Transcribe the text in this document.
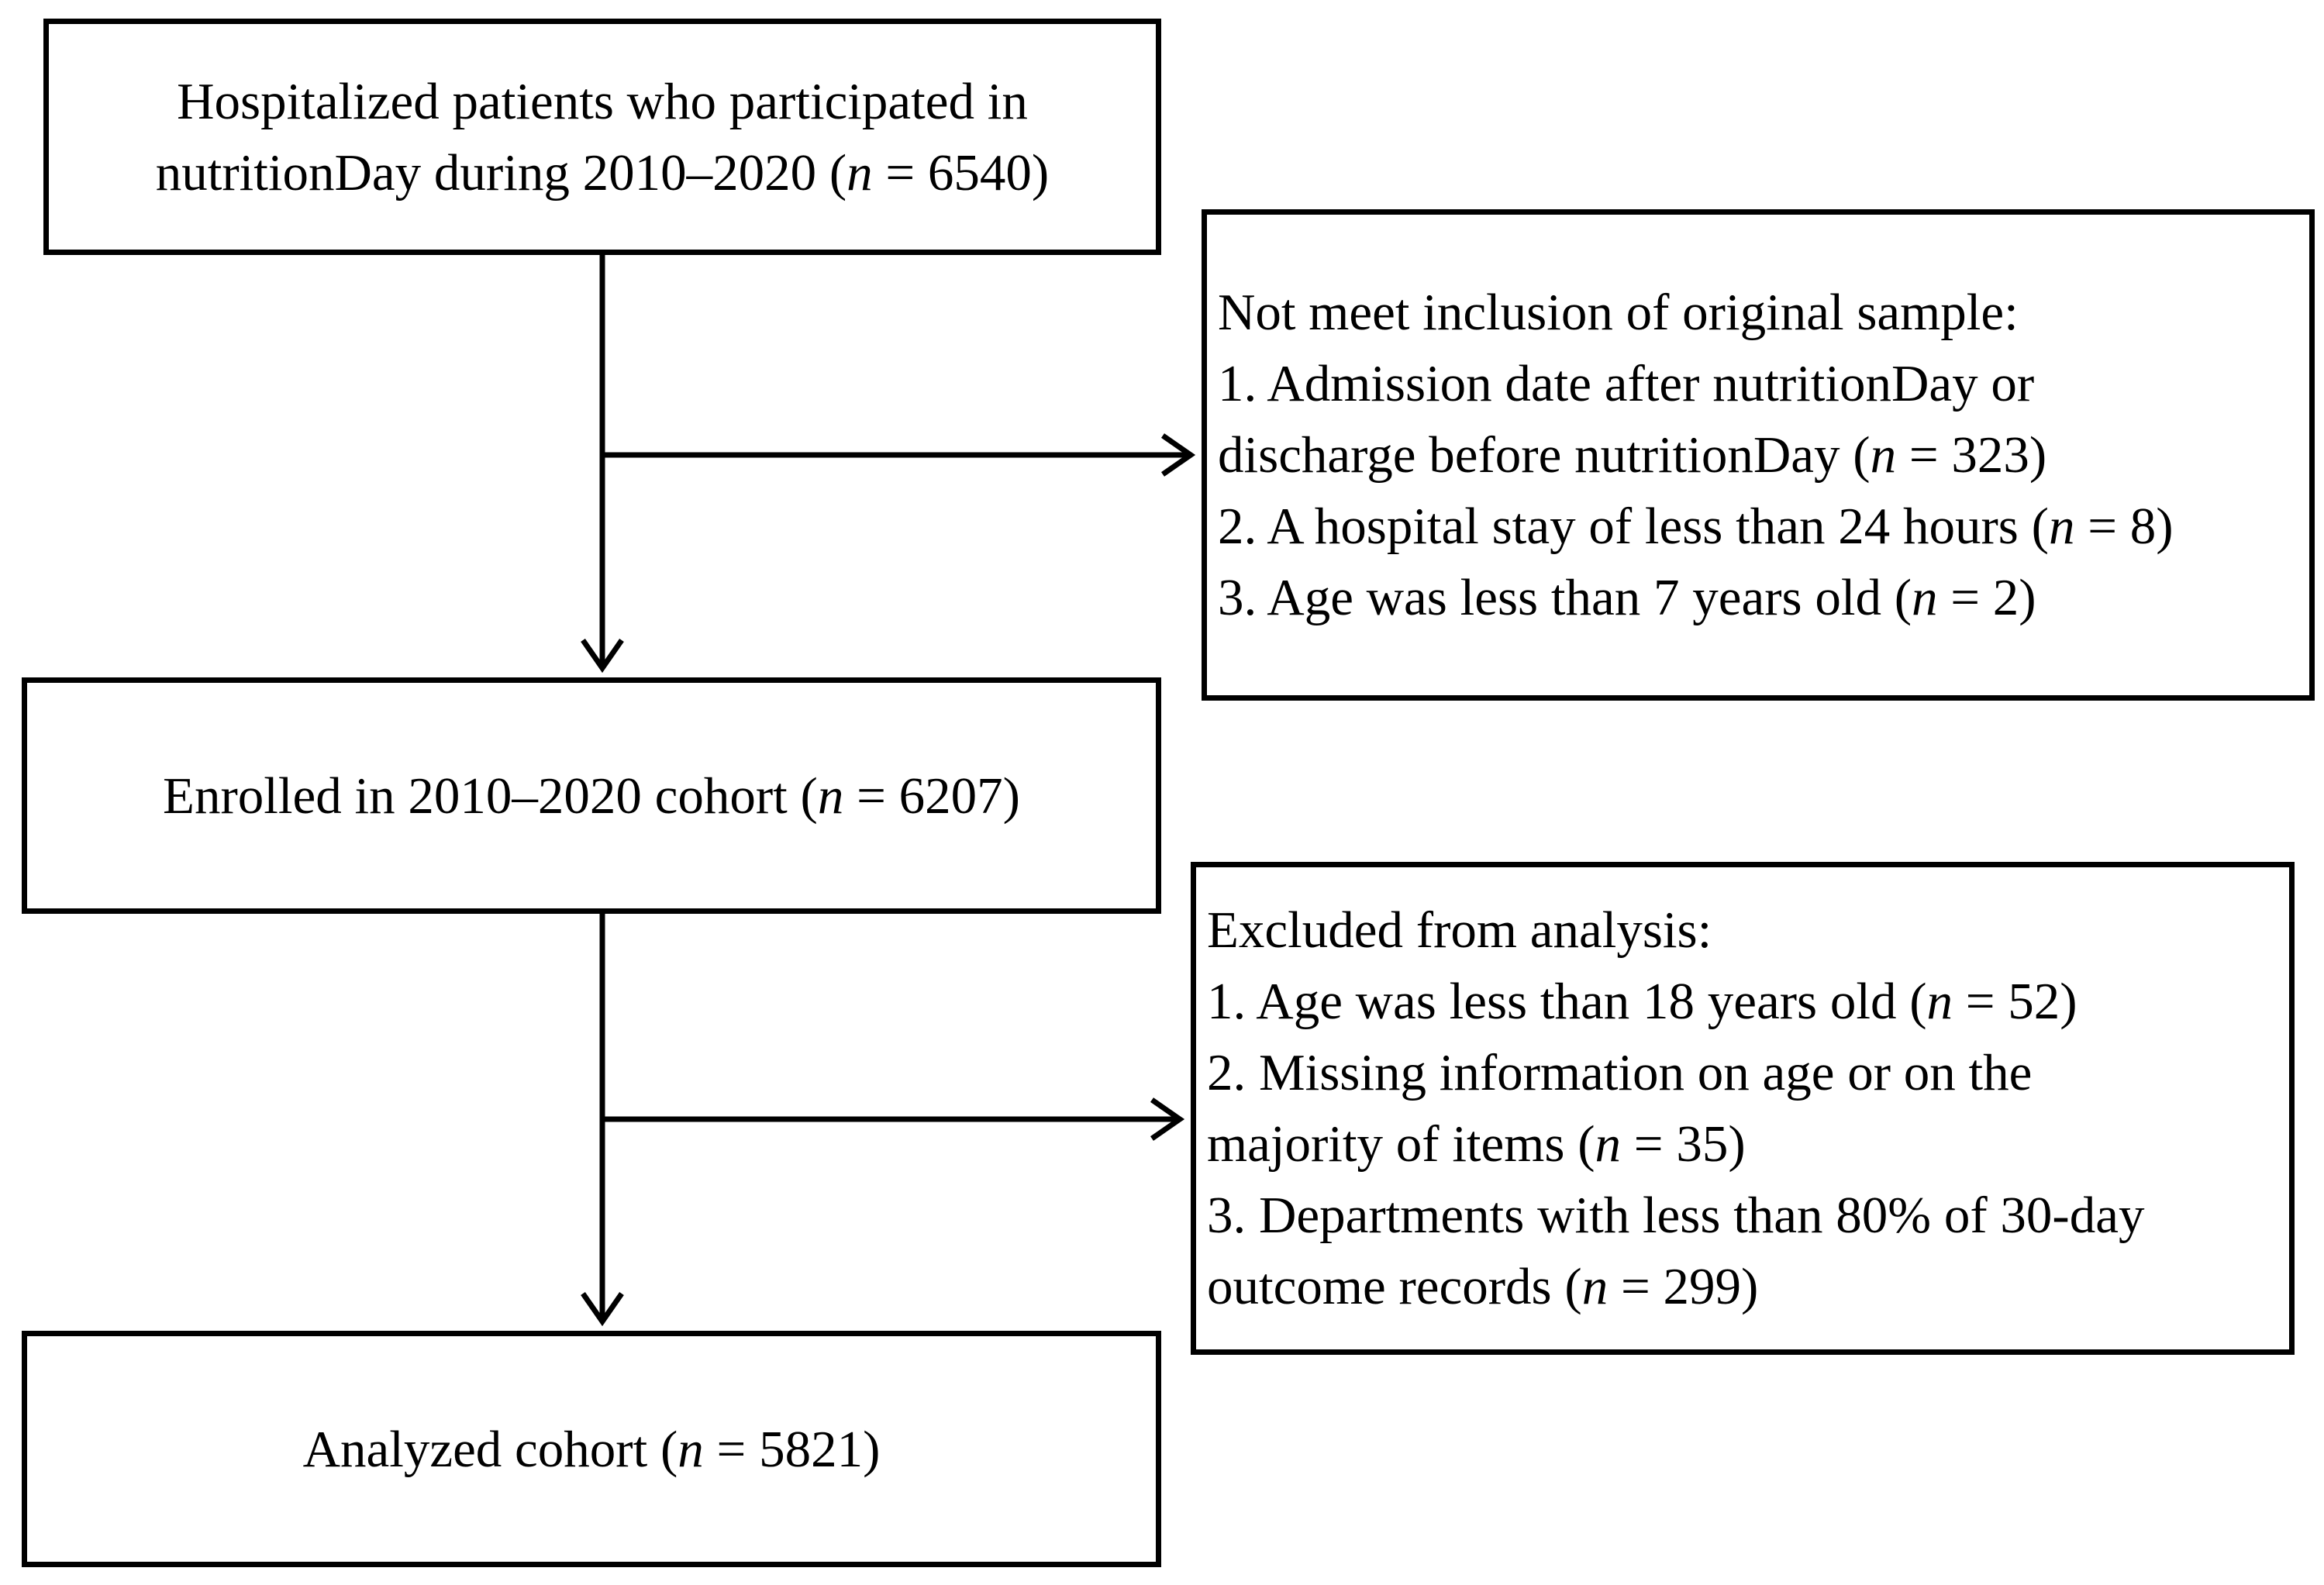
Hospitalized patients who participated in
nutritionDay during 2010–2020 (n = 6540)
Not meet inclusion of original sample:
1. Admission date after nutritionDay or
discharge before nutritionDay (n = 323)
2. A hospital stay of less than 24 hours (n = 8)
3. Age was less than 7 years old (n = 2)
Enrolled in 2010–2020 cohort (n = 6207)
Excluded from analysis:
1. Age was less than 18 years old (n = 52)
2. Missing information on age or on the
majority of items (n = 35)
3. Departments with less than 80% of 30-day
outcome records (n = 299)
Analyzed cohort (n = 5821)
